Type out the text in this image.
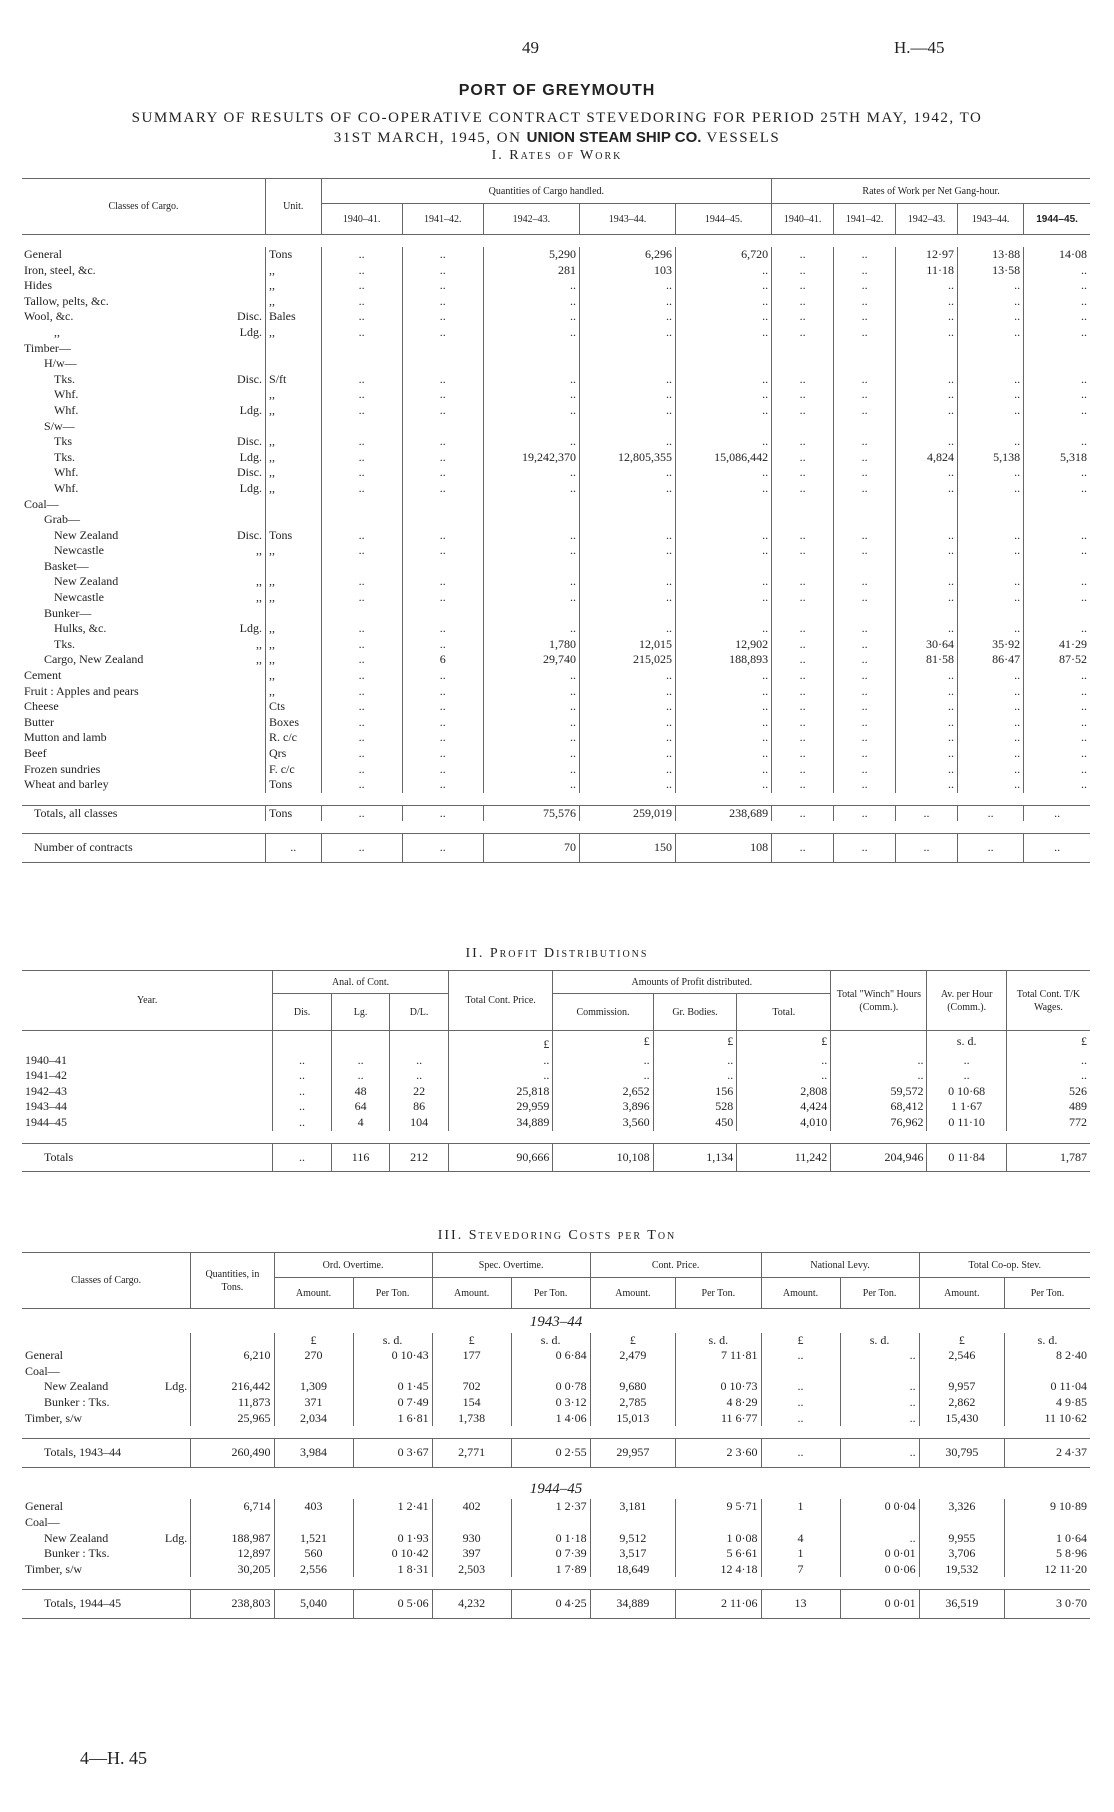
49	H.—45
PORT OF GREYMOUTH
SUMMARY OF RESULTS OF CO-OPERATIVE CONTRACT STEVEDORING FOR PERIOD 25TH MAY, 1942, TO
31ST MARCH, 1945, ON UNION STEAM SHIP CO. VESSELS
I. Rates of Work
Classes of Cargo.		Unit.	Quantities of Cargo handled.					Rates of Work per Net Gang-hour.				
			1940–41.	1941–42.	1942–43.	1943–44.	1944–45.	1940–41.	1941–42.	1942–43.	1943–44.	1944–45.

General		Tons	..	..	5,290	6,296	6,720	..	..	12·97	13·88	14·08
Iron, steel, &c.		,,	..	..	281	103	..	..	..	11·18	13·58	..
Hides		,,	..	..	..	..	..	..	..	..	..	..
Tallow, pelts, &c.		,,	..	..	..	..	..	..	..	..	..	..
Wool, &c.	Disc.	Bales	..	..	..	..	..	..	..	..	..	..
,,	Ldg.	,,	..	..	..	..	..	..	..	..	..	..
Timber—												
H/w—												
Tks.	Disc.	S/ft	..	..	..	..	..	..	..	..	..	..
Whf.		,,	..	..	..	..	..	..	..	..	..	..
Whf.	Ldg.	,,	..	..	..	..	..	..	..	..	..	..
S/w—												
Tks	Disc.	,,	..	..	..	..	..	..	..	..	..	..
Tks.	Ldg.	,,	..	..	19,242,370	12,805,355	15,086,442	..	..	4,824	5,138	5,318
Whf.	Disc.	,,	..	..	..	..	..	..	..	..	..	..
Whf.	Ldg.	,,	..	..	..	..	..	..	..	..	..	..
Coal—												
Grab—												
New Zealand	Disc.	Tons	..	..	..	..	..	..	..	..	..	..
Newcastle	,,	,,	..	..	..	..	..	..	..	..	..	..
Basket—												
New Zealand	,,	,,	..	..	..	..	..	..	..	..	..	..
Newcastle	,,	,,	..	..	..	..	..	..	..	..	..	..
Bunker—												
Hulks, &c.	Ldg.	,,	..	..	..	..	..	..	..	..	..	..
Tks.	,,	,,	..	..	1,780	12,015	12,902	..	..	30·64	35·92	41·29
Cargo, New Zealand	,,	,,	..	6	29,740	215,025	188,893	..	..	81·58	86·47	87·52
Cement		,,	..	..	..	..	..	..	..	..	..	..
Fruit : Apples and pears		,,	..	..	..	..	..	..	..	..	..	..
Cheese		Cts	..	..	..	..	..	..	..	..	..	..
Butter		Boxes	..	..	..	..	..	..	..	..	..	..
Mutton and lamb		R. c/c	..	..	..	..	..	..	..	..	..	..
Beef		Qrs	..	..	..	..	..	..	..	..	..	..
Frozen sundries		F. c/c	..	..	..	..	..	..	..	..	..	..
Wheat and barley		Tons	..	..	..	..	..	..	..	..	..	..

Totals, all classes		Tons	..	..	75,576	259,019	238,689	..	..	..	..	..

Number of contracts		..	..	..	70	150	108	..	..	..	..	..
II. Profit Distributions
Year.	Anal. of Cont.			Total Cont. Price.	Amounts of Profit distributed.			Total "Winch" Hours (Comm.).	Av. per Hour (Comm.).	Total Cont. T/K Wages.
	Dis.	Lg.	D/L.		Commission.	Gr. Bodies.	Total.			
				£	£	£	£		s. d.	£
1940–41	..	..	..	..	..	..	..	..	..	..
1941–42	..	..	..	..	..	..	..	..	..	..
1942–43	..	48	22	25,818	2,652	156	2,808	59,572	0 10·68	526
1943–44	..	64	86	29,959	3,896	528	4,424	68,412	1 1·67	489
1944–45	..	4	104	34,889	3,560	450	4,010	76,962	0 11·10	772

Totals	..	116	212	90,666	10,108	1,134	11,242	204,946	0 11·84	1,787
III. Stevedoring Costs per Ton
Classes of Cargo.		Quantities, in Tons.	Ord. Overtime.		Spec. Overtime.		Cont. Price.		National Levy.		Total Co-op. Stev.	
			Amount.	Per Ton.	Amount.	Per Ton.	Amount.	Per Ton.	Amount.	Per Ton.	Amount.	Per Ton.
1943–44												
			£	s. d.	£	s. d.	£	s. d.	£	s. d.	£	s. d.
General		6,210	270	0 10·43	177	0 6·84	2,479	7 11·81	..	..	2,546	8 2·40
Coal—												
New Zealand	Ldg.	216,442	1,309	0 1·45	702	0 0·78	9,680	0 10·73	..	..	9,957	0 11·04
Bunker : Tks.		11,873	371	0 7·49	154	0 3·12	2,785	4 8·29	..	..	2,862	4 9·85
Timber, s/w		25,965	2,034	1 6·81	1,738	1 4·06	15,013	11 6·77	..	..	15,430	11 10·62

Totals, 1943–44		260,490	3,984	0 3·67	2,771	0 2·55	29,957	2 3·60	..	..	30,795	2 4·37
1944–45												
General		6,714	403	1 2·41	402	1 2·37	3,181	9 5·71	1	0 0·04	3,326	9 10·89
Coal—												
New Zealand	Ldg.	188,987	1,521	0 1·93	930	0 1·18	9,512	1 0·08	4	..	9,955	1 0·64
Bunker : Tks.		12,897	560	0 10·42	397	0 7·39	3,517	5 6·61	1	0 0·01	3,706	5 8·96
Timber, s/w		30,205	2,556	1 8·31	2,503	1 7·89	18,649	12 4·18	7	0 0·06	19,532	12 11·20

Totals, 1944–45		238,803	5,040	0 5·06	4,232	0 4·25	34,889	2 11·06	13	0 0·01	36,519	3 0·70
4—H. 45
